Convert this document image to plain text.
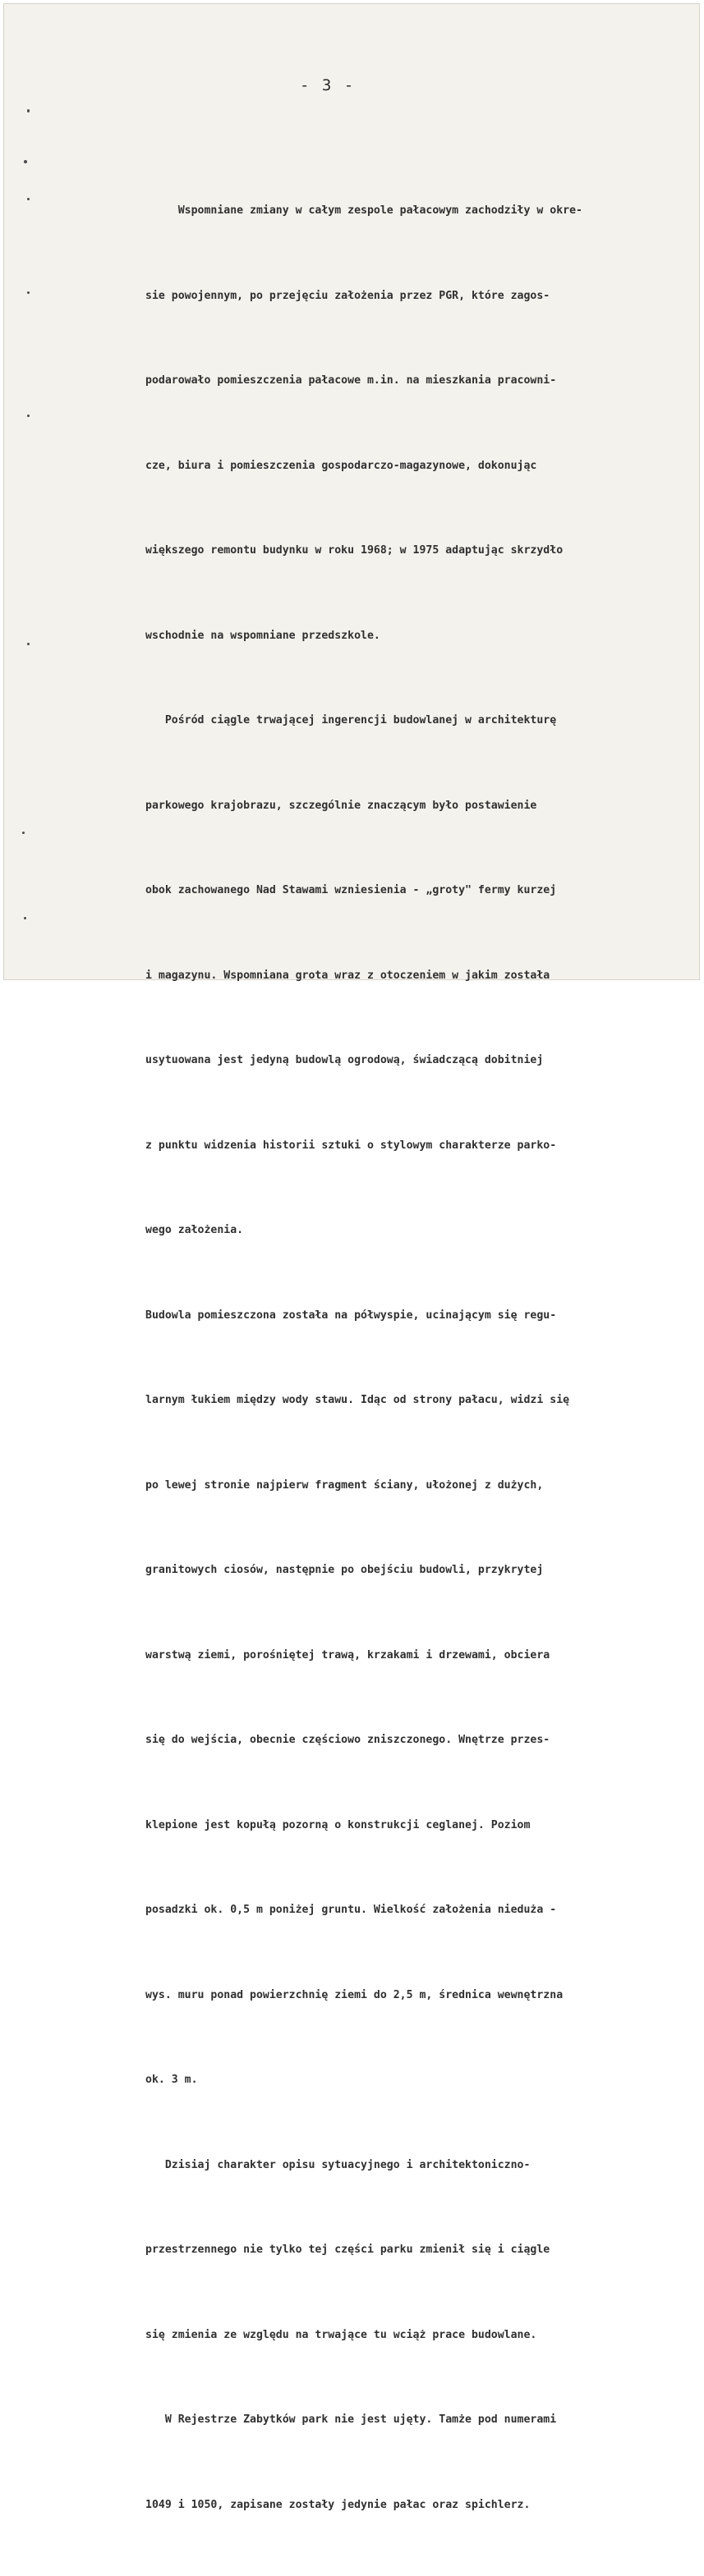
- 3 -

Wspomniane zmiany w całym zespole pałacowym zachodziły w okre-

sie powojennym, po przejęciu założenia przez PGR, które zagos-

podarowało pomieszczenia pałacowe m.in. na mieszkania pracowni-

cze, biura i pomieszczenia gospodarczo-magazynowe, dokonując

większego remontu budynku w roku 1968; w 1975 adaptując skrzydło

wschodnie na wspomniane przedszkole.

Pośród ciągle trwającej ingerencji budowlanej w architekturę

parkowego krajobrazu, szczególnie znaczącym było postawienie

obok zachowanego Nad Stawami wzniesienia - „groty" fermy kurzej

i magazynu. Wspomniana grota wraz z otoczeniem w jakim została

usytuowana jest jedyną budowlą ogrodową, świadczącą dobitniej

z punktu widzenia historii sztuki o stylowym charakterze parko-

wego założenia.

Budowla pomieszczona została na półwyspie, ucinającym się regu-

larnym łukiem między wody stawu. Idąc od strony pałacu, widzi się

po lewej stronie najpierw fragment ściany, ułożonej z dużych,

granitowych ciosów, następnie po obejściu budowli, przykrytej

warstwą ziemi, porośniętej trawą, krzakami i drzewami, obciera

się do wejścia, obecnie częściowo zniszczonego. Wnętrze przes-

klepione jest kopułą pozorną o konstrukcji ceglanej. Poziom

posadzki ok. 0,5 m poniżej gruntu. Wielkość założenia nieduża -

wys. muru ponad powierzchnię ziemi do 2,5 m, średnica wewnętrzna

ok. 3 m.

Dzisiaj charakter opisu sytuacyjnego i architektoniczno-

przestrzennego nie tylko tej części parku zmienił się i ciągle

się zmienia ze względu na trwające tu wciąż prace budowlane.

W Rejestrze Zabytków park nie jest ujęty. Tamże pod numerami

1049 i 1050, zapisane zostały jedynie pałac oraz spichlerz.
